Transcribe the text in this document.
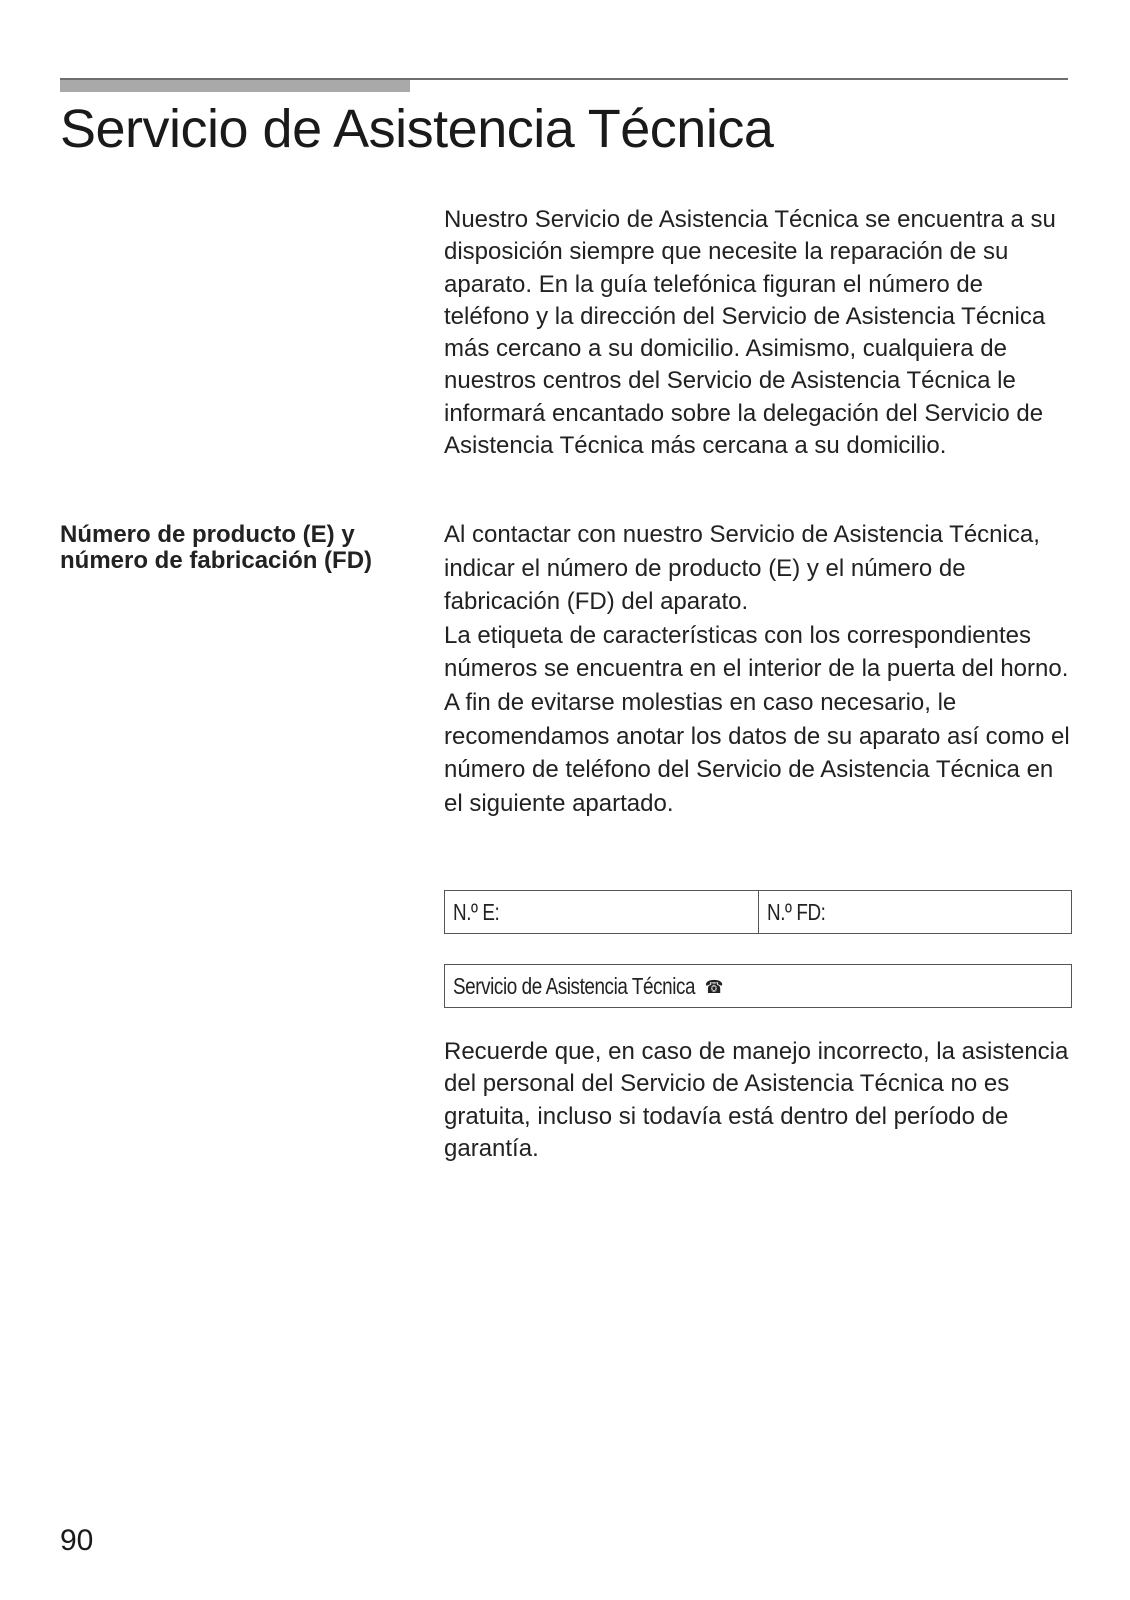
Servicio de Asistencia Técnica

Nuestro Servicio de Asistencia Técnica se encuentra a su disposición siempre que necesite la reparación de su aparato. En la guía telefónica figuran el número de teléfono y la dirección del Servicio de Asistencia Técnica más cercano a su domicilio. Asimismo, cualquiera de nuestros centros del Servicio de Asistencia Técnica le informará encantado sobre la delegación del Servicio de Asistencia Técnica más cercana a su domicilio.

Número de producto (E) y
número de fabricación (FD)
Al contactar con nuestro Servicio de Asistencia Técnica, indicar el número de producto (E) y el número de fabricación (FD) del aparato.
La etiqueta de características con los correspondientes números se encuentra en el interior de la puerta del horno.
A fin de evitarse molestias en caso necesario, le recomendamos anotar los datos de su aparato así como el número de teléfono del Servicio de Asistencia Técnica en el siguiente apartado.
N.º E:	N.º FD:
Servicio de Asistencia Técnica ☎

Recuerde que, en caso de manejo incorrecto, la asistencia del personal del Servicio de Asistencia Técnica no es gratuita, incluso si todavía está dentro del período de garantía.

90
